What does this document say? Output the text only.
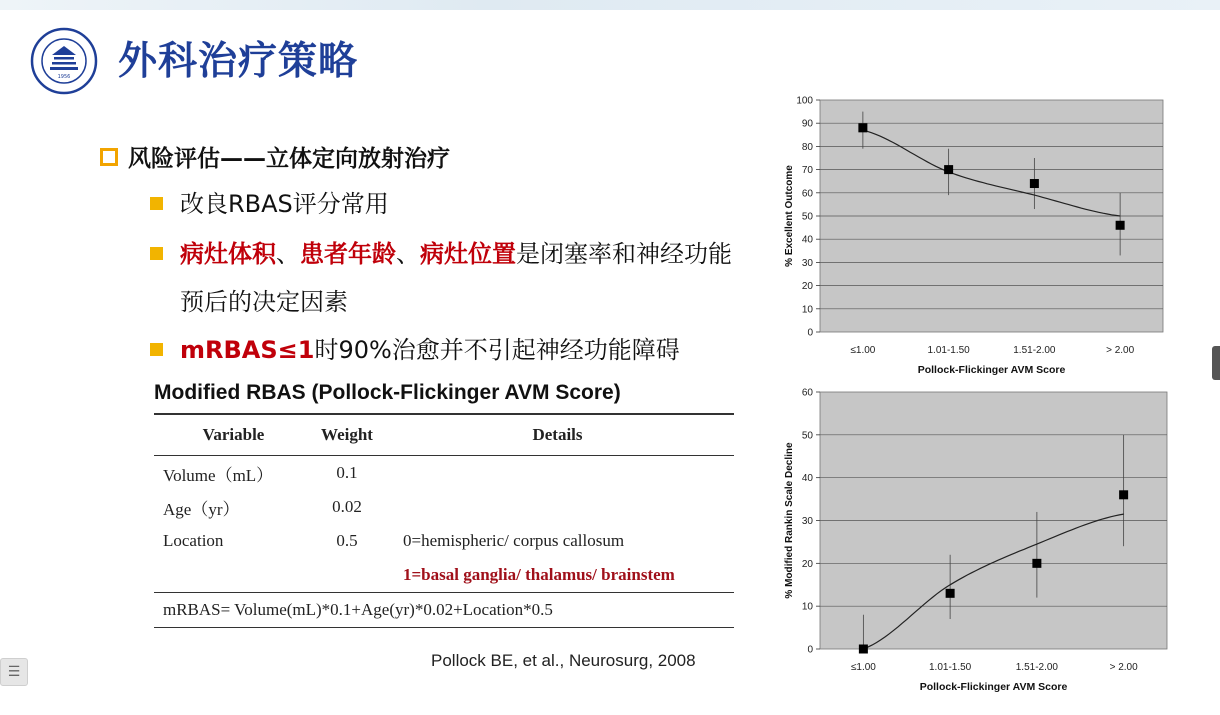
1956 外科治疗策略
风险评估——立体定向放射治疗
改良RBAS评分常用
病灶体积、患者年龄、病灶位置是闭塞率和神经功能预后的决定因素
mRBAS≤1时90%治愈并不引起神经功能障碍
Modified RBAS (Pollock-Flickinger AVM Score)
Variable	Weight	Details
Volume（mL）	0.1	
Age（yr）	0.02	
Location	0.5	0=hemispheric/ corpus callosum
		1=basal ganglia/ thalamus/ brainstem
mRBAS= Volume(mL)*0.1+Age(yr)*0.02+Location*0.5		
Pollock BE, et al., Neurosurg, 2008
0
10
20
30
40
50
60
70
80
90
100
≤1.00	1.01-1.50	1.51-2.00	> 2.00
Pollock-Flickinger AVM Score
% Excellent Outcome
0
10
20
30
40
50
60
≤1.00	1.01-1.50	1.51-2.00	> 2.00
Pollock-Flickinger AVM Score
% Modified Rankin Scale Decline
☰
